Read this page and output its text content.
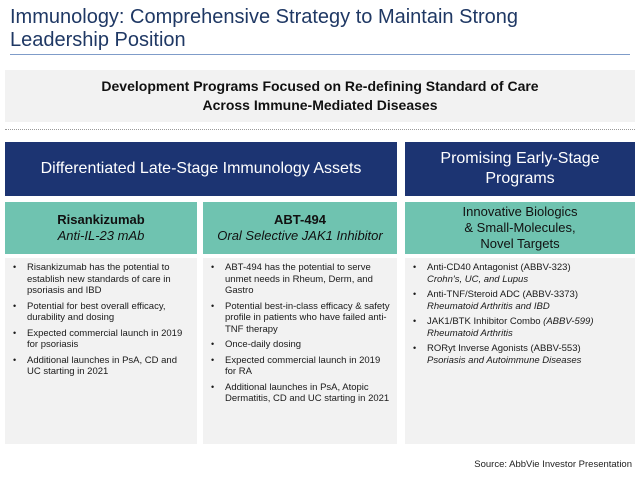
Immunology: Comprehensive Strategy to Maintain Strong
Leadership Position
Development Programs Focused on Re-defining Standard of Care
Across Immune-Mediated Diseases
Differentiated Late-Stage Immunology Assets
Promising Early-Stage
Programs
Risankizumab
Anti-IL-23 mAb
ABT-494
Oral Selective JAK1 Inhibitor
Innovative Biologics
& Small-Molecules,
Novel Targets
• Risankizumab has the potential to establish new standards of care in psoriasis and IBD
• Potential for best overall efficacy, durability and dosing
• Expected commercial launch in 2019 for psoriasis
• Additional launches in PsA, CD and UC starting in 2021
• ABT-494 has the potential to serve unmet needs in Rheum, Derm, and Gastro
• Potential best-in-class efficacy & safety profile in patients who have failed anti-TNF therapy
• Once-daily dosing
• Expected commercial launch in 2019 for RA
• Additional launches in PsA, Atopic Dermatitis, CD and UC starting in 2021
• Anti-CD40 Antagonist (ABBV-323)
Crohn's, UC, and Lupus
• Anti-TNF/Steroid ADC (ABBV-3373)
Rheumatoid Arthritis and IBD
• JAK1/BTK Inhibitor Combo (ABBV-599)
Rheumatoid Arthritis
• RORyt Inverse Agonists (ABBV-553)
Psoriasis and Autoimmune Diseases
Source: AbbVie Investor Presentation
